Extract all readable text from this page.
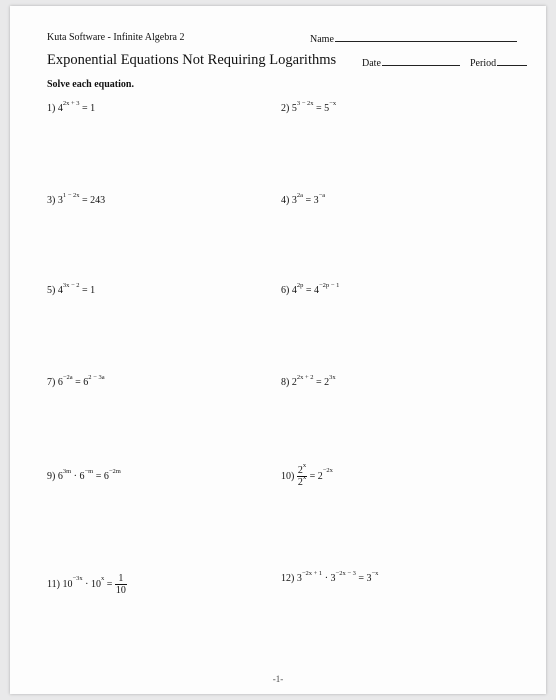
Kuta Software - Infinite Algebra 2	Name
Exponential Equations Not Requiring Logarithms	Date	Period
Solve each equation.
1) $4^{2x + 3} = 1$	2) $5^{3 - 2x} = 5^{-x}$
3) $3^{1 - 2x} = 243$	4) $3^{2a} = 3^{-a}$
5) $4^{3x - 2} = 1$	6) $4^{2p} = 4^{-2p - 1}$
7) $6^{-2a} = 6^{2 - 3a}$	8) $2^{2x + 2} = 2^{3x}$
9) $6^{3m} \cdot 6^{-m} = 6^{-2m}$	$10) \frac{2^x}{2^x} = 2^{-2x}$
11) $10^{-3x} \cdot 10^x = \frac{1}{10}$	12) $3^{-2x + 1} \cdot 3^{-2x - 3} = 3^{-x}$
-1-
